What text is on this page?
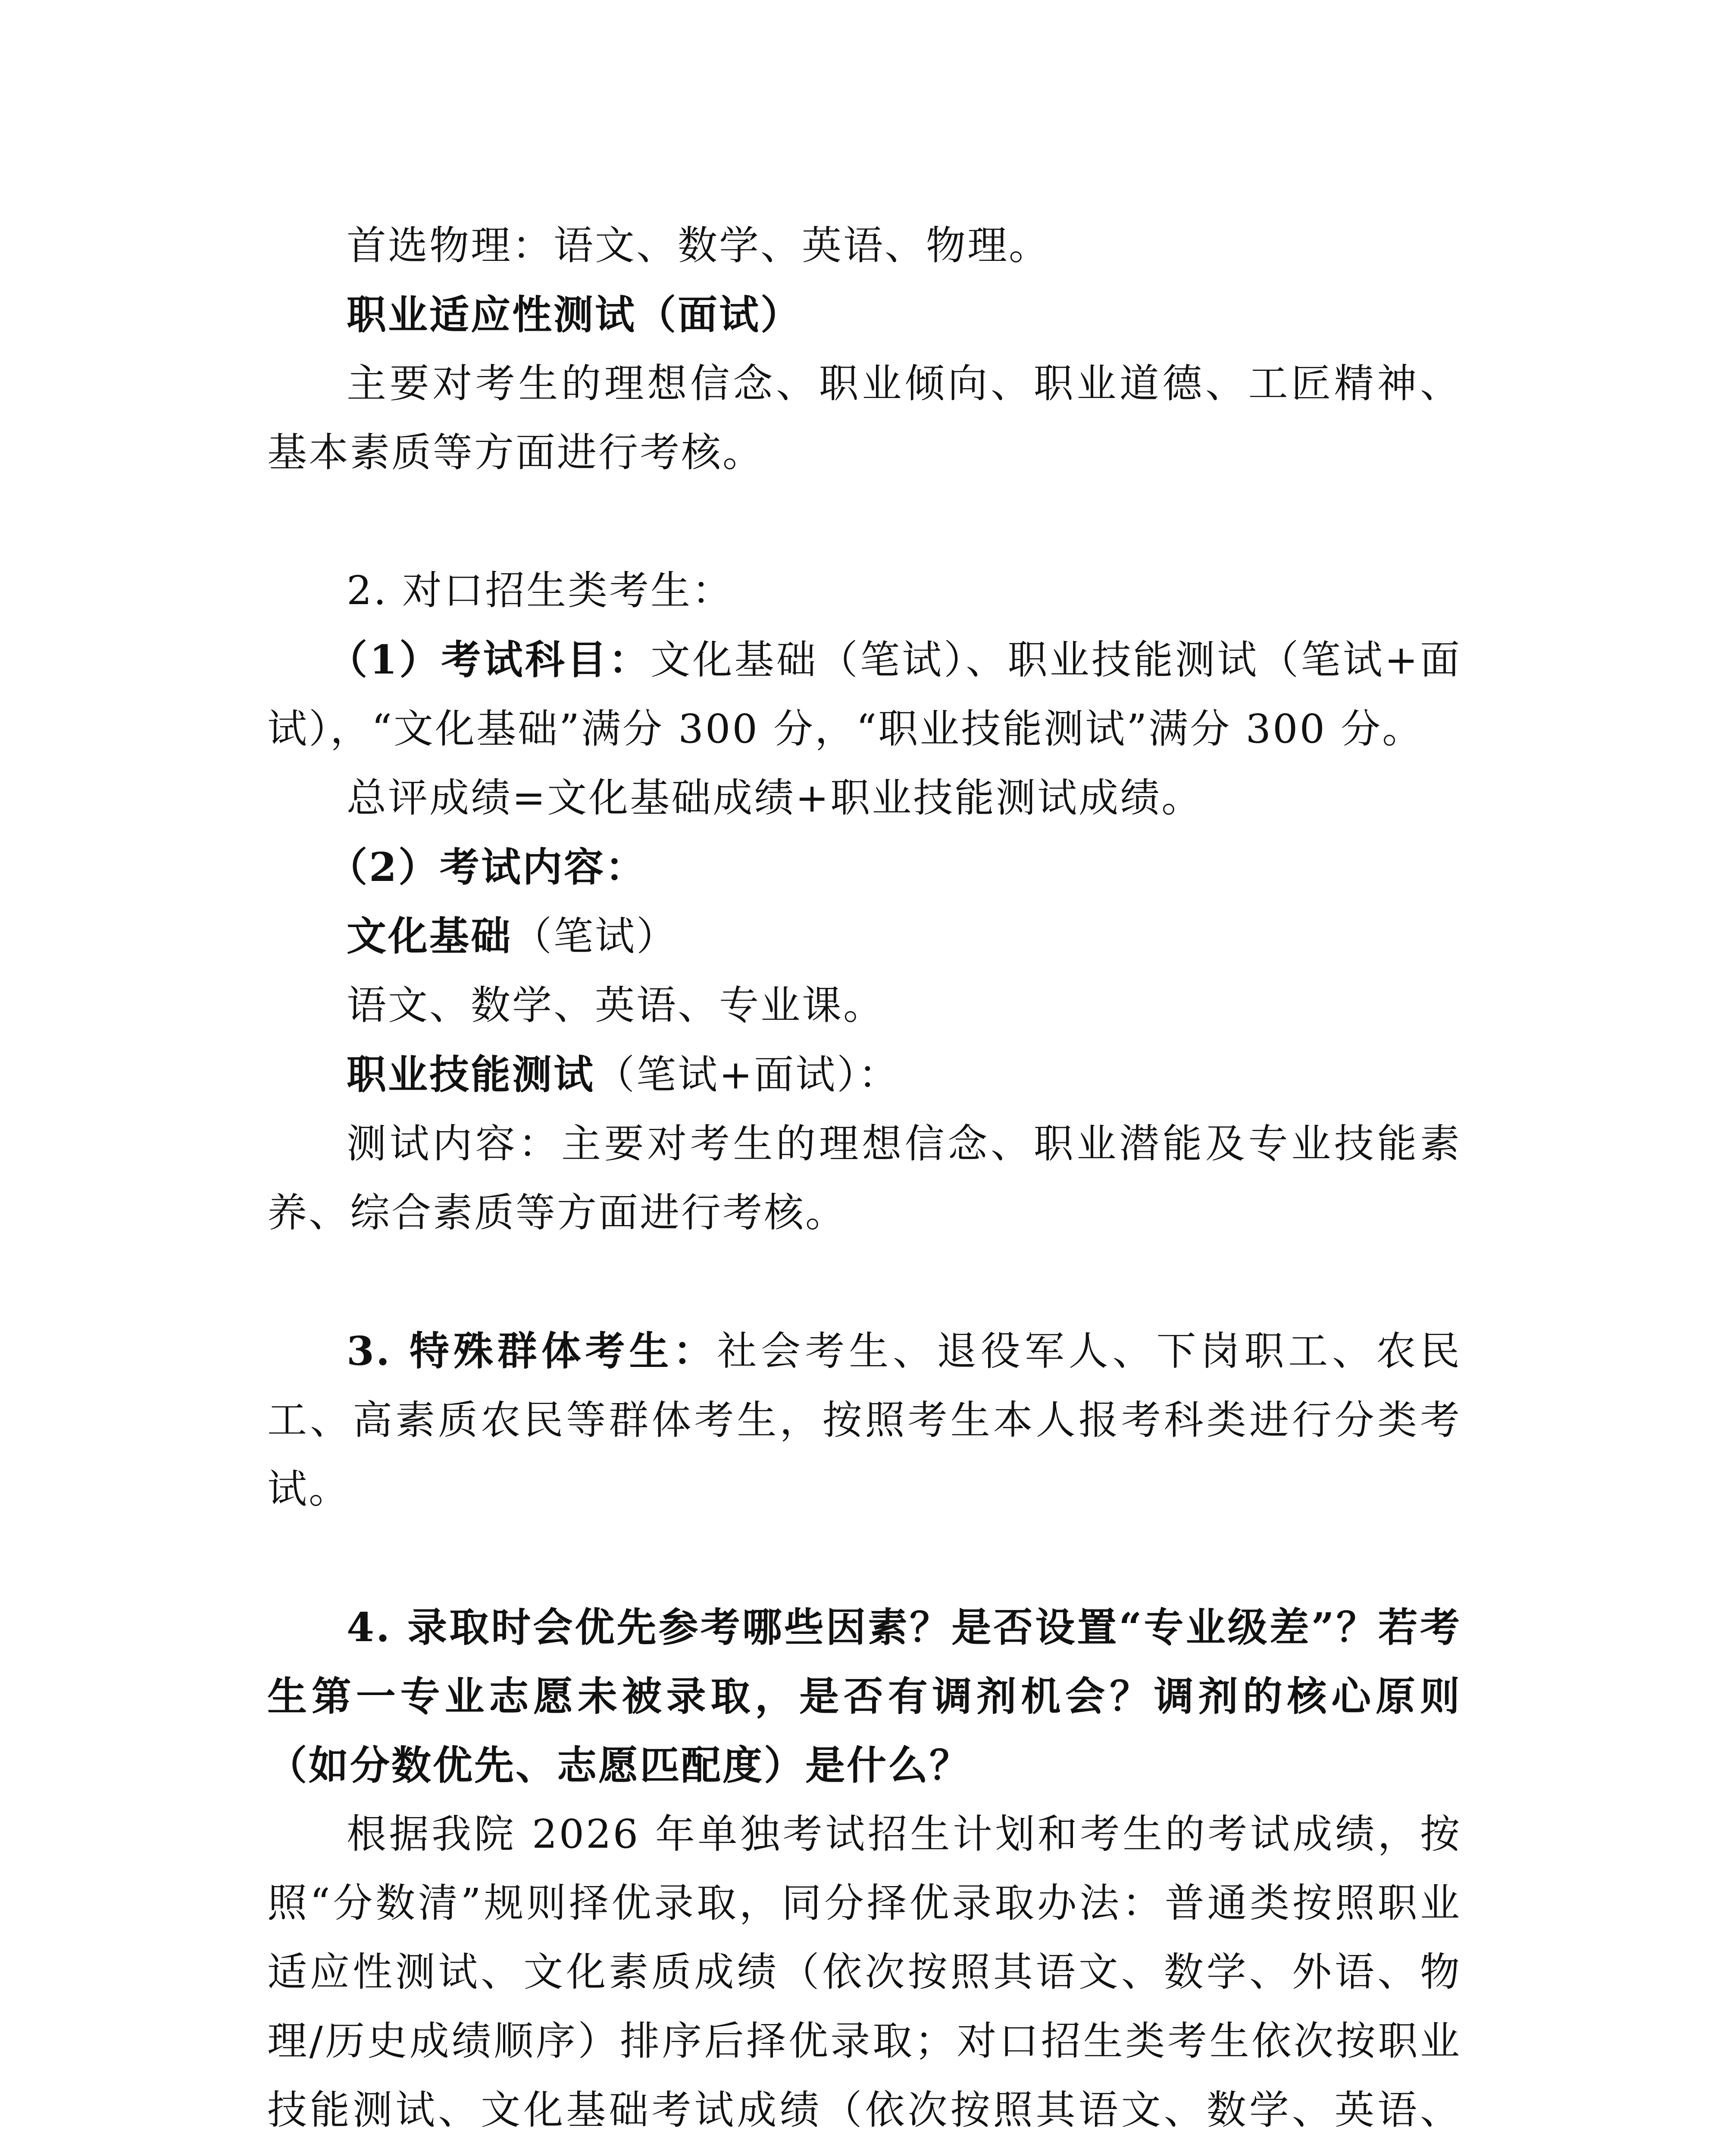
首选物理：语文、数学、英语、物理。
职业适应性测试（面试）
主要对考生的理想信念、职业倾向、职业道德、工匠精神、基本素质等方面进行考核。
2. 对口招生类考生：
（1）考试科目：文化基础（笔试）、职业技能测试（笔试+面试），“文化基础”满分 300 分，“职业技能测试”满分 300 分。
总评成绩=文化基础成绩+职业技能测试成绩。
（2）考试内容：
文化基础（笔试）
语文、数学、英语、专业课。
职业技能测试（笔试+面试）：
测试内容：主要对考生的理想信念、职业潜能及专业技能素养、综合素质等方面进行考核。
3. 特殊群体考生：社会考生、退役军人、下岗职工、农民工、高素质农民等群体考生，按照考生本人报考科类进行分类考试。
4. 录取时会优先参考哪些因素？是否设置“专业级差”？若考生第一专业志愿未被录取，是否有调剂机会？调剂的核心原则（如分数优先、志愿匹配度）是什么？
根据我院 2026 年单独考试招生计划和考生的考试成绩，按照“分数清”规则择优录取，同分择优录取办法：普通类按照职业适应性测试、文化素质成绩（依次按照其语文、数学、外语、物理/历史成绩顺序）排序后择优录取；对口招生类考生依次按职业技能测试、文化基础考试成绩（依次按照其语文、数学、英语、
